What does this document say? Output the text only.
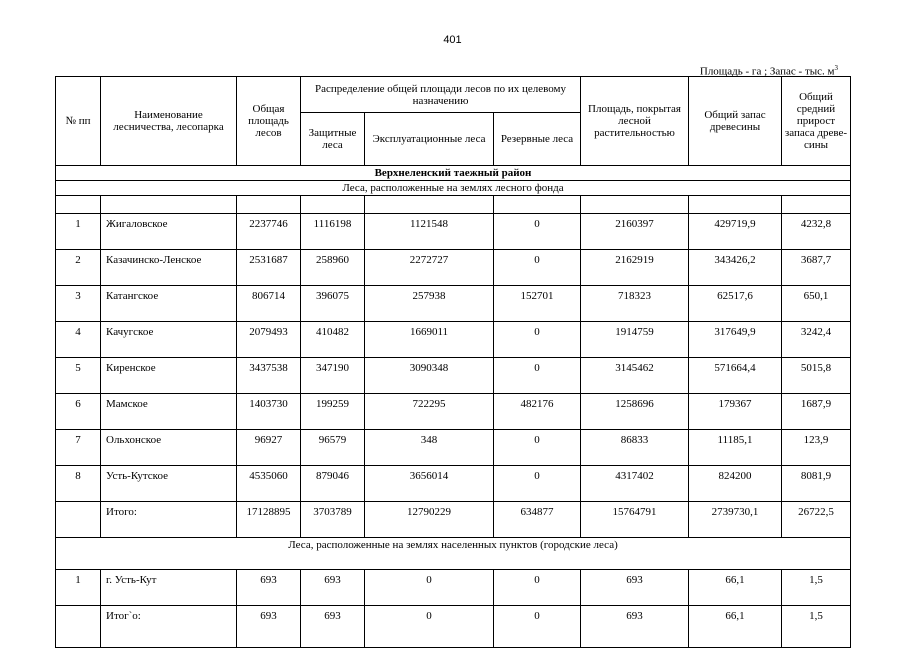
401
Площадь - га ; Запас - тыс. $м^3$
№ пп	Наименование лесничества, лесопарка	Общая площадь лесов	Распределение общей площади лесов по их целевому назначению			Площадь, покрытая лесной растительностью	Общий запас древесины	Общий средний прирост запаса древе-сины
			Защитные леса	Эксплуатационные леса	Резервные леса			
Верхнеленский таежный район								
Леса, расположенные на землях лесного фонда								

1	Жигаловское	2237746	1116198	1121548	0	2160397	429719,9	4232,8
2	Казачинско-Ленское	2531687	258960	2272727	0	2162919	343426,2	3687,7
3	Катангское	806714	396075	257938	152701	718323	62517,6	650,1
4	Качугское	2079493	410482	1669011	0	1914759	317649,9	3242,4
5	Киренское	3437538	347190	3090348	0	3145462	571664,4	5015,8
6	Мамское	1403730	199259	722295	482176	1258696	179367	1687,9
7	Ольхонское	96927	96579	348	0	86833	11185,1	123,9
8	Усть-Кутское	4535060	879046	3656014	0	4317402	824200	8081,9
	Итого:	17128895	3703789	12790229	634877	15764791	2739730,1	26722,5
Леса, расположенные на землях населенных пунктов (городские леса)								
1	г. Усть-Кут	693	693	0	0	693	66,1	1,5
	Итог`о:	693	693	0	0	693	66,1	1,5
